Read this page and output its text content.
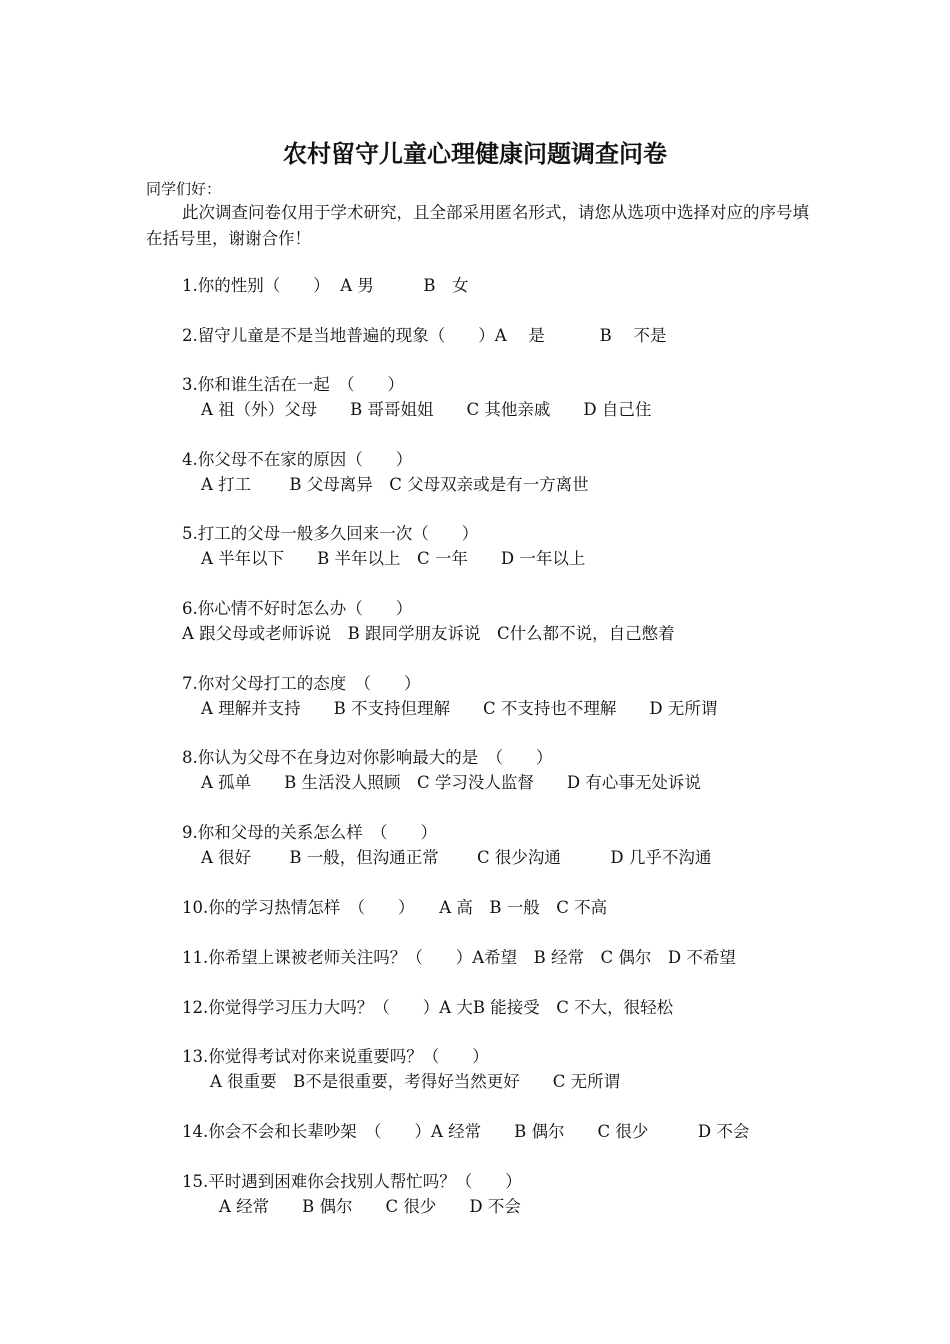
农村留守儿童心理健康问题调查问卷
同学们好：
此次调查问卷仅用于学术研究，且全部采用匿名形式，请您从选项中选择对应的序号填在括号里，谢谢合作！
1.你的性别（　　）  A 男　　　B　女
2.留守儿童是不是当地普遍的现象（　　）A　 是　　　 B　 不是
3.你和谁生活在一起　（　　）
A 祖（外）父母　　B 哥哥姐姐　　C 其他亲戚　　D 自己住
4.你父母不在家的原因（　　）
A 打工　　 B 父母离异　C 父母双亲或是有一方离世
5.打工的父母一般多久回来一次（　　）
A 半年以下　　B 半年以上　C 一年　　D 一年以上
6.你心情不好时怎么办（　　）
A 跟父母或老师诉说　B 跟同学朋友诉说　C什么都不说，自己憋着
7.你对父母打工的态度　（　　）
A 理解并支持　　B 不支持但理解　　C 不支持也不理解　　D 无所谓
8.你认为父母不在身边对你影响最大的是　（　　）
A 孤单　　B 生活没人照顾　C 学习没人监督　　D 有心事无处诉说
9.你和父母的关系怎么样　（　　）
A 很好　　 B 一般，但沟通正常　　 C 很少沟通　　　D 几乎不沟通
10.你的学习热情怎样　（　　）　　A 高　B 一般　C 不高
11.你希望上课被老师关注吗？（　　）A希望　B 经常　C 偶尔　D 不希望
12.你觉得学习压力大吗？（　　）A 大B 能接受　C 不大，很轻松
13.你觉得考试对你来说重要吗？（　　）
A 很重要　B不是很重要，考得好当然更好　　C 无所谓
14.你会不会和长辈吵架　（　　）A 经常　　B 偶尔　　C 很少　　　D 不会
15.平时遇到困难你会找别人帮忙吗？（　　）
A 经常　　B 偶尔　　C 很少　　D 不会
